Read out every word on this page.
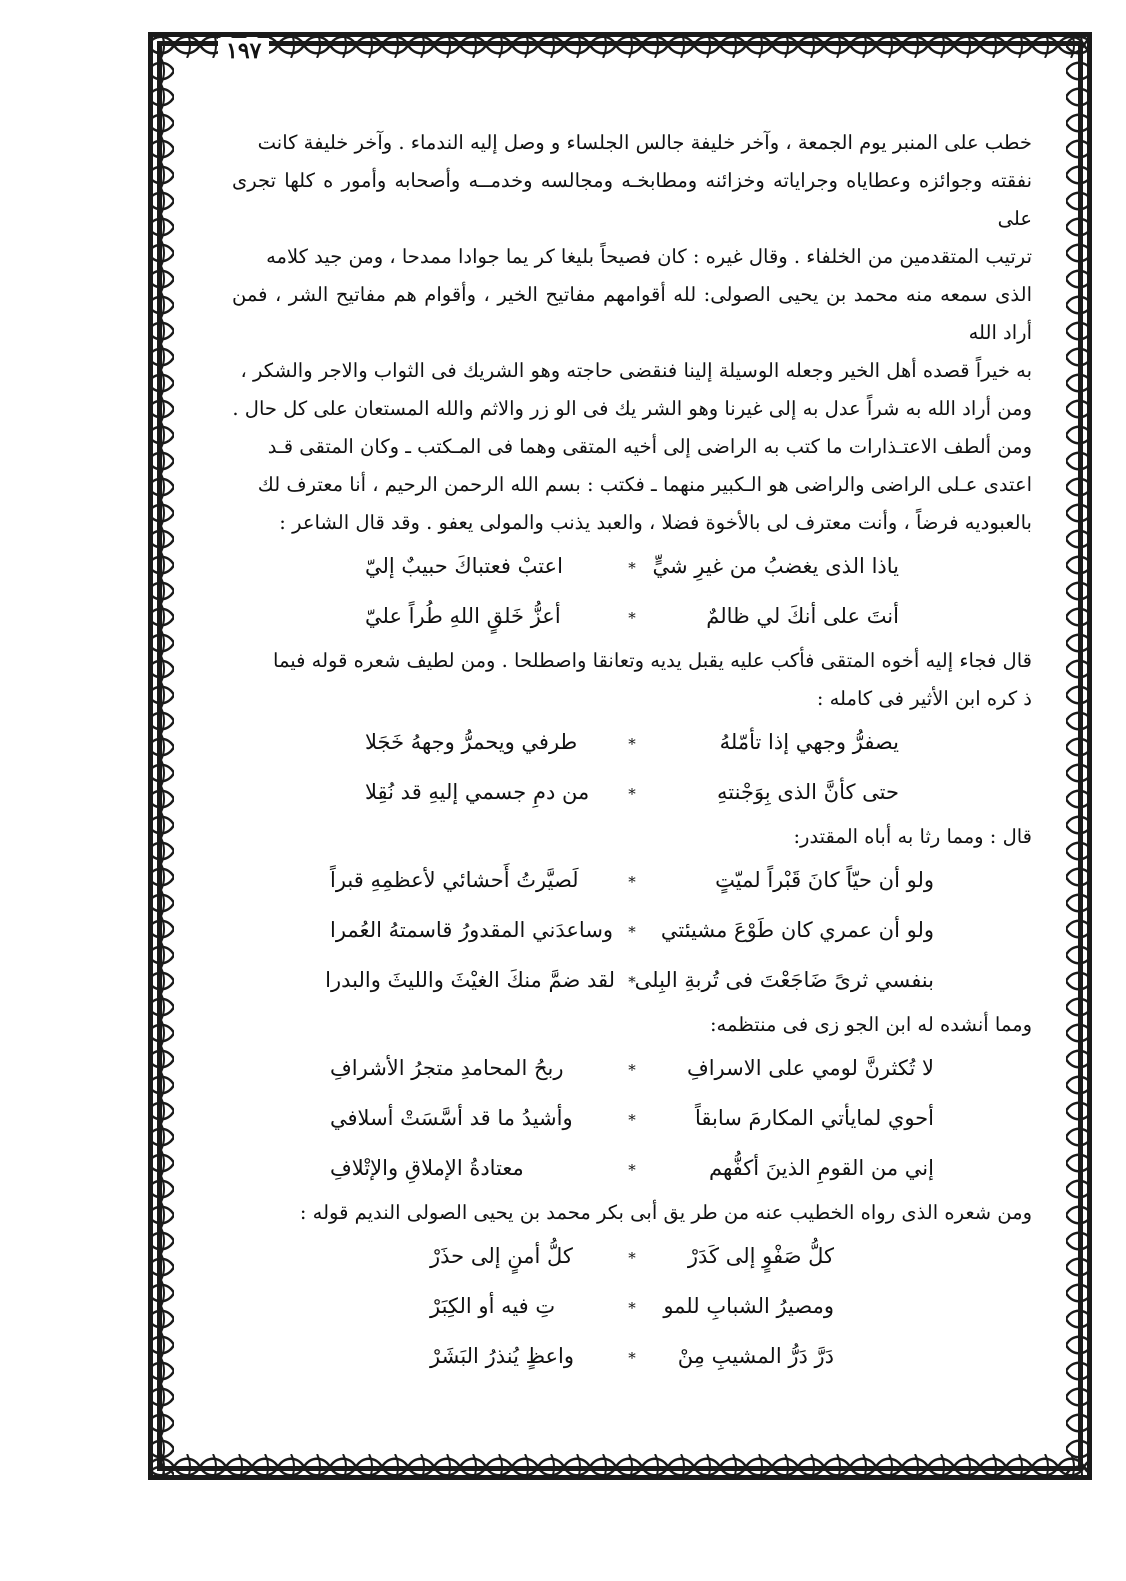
١٩٧

خطب على المنبر يوم الجمعة ، وآخر خليفة جالس الجلساء و وصل إليه الندماء . وآخر خليفة كانت
نفقته وجوائزه وعطاياه وجراياته وخزائنه ومطابخـه ومجالسه وخدمــه وأصحابه وأمور ه كلها تجرى على
ترتيب المتقدمين من الخلفاء . وقال غيره : كان فصيحاً بليغا كر يما جوادا ممدحا ، ومن جيد كلامه
الذى سمعه منه محمد بن يحيى الصولى: لله أقوامهم مفاتيح الخير ، وأقوام هم مفاتيح الشر ، فمن أراد الله
به خيراً قصده أهل الخير وجعله الوسيلة إلينا فنقضى حاجته وهو الشريك فى الثواب والاجر والشكر ،
ومن أراد الله به شراً عدل به إلى غيرنا وهو الشر يك فى الو زر والاثم والله المستعان على كل حال .
ومن ألطف الاعتـذارات ما كتب به الراضى إلى أخيه المتقى وهما فى المـكتب ـ وكان المتقى قـد
اعتدى عـلى الراضى والراضى هو الـكبير منهما ـ فكتب : بسم الله الرحمن الرحيم ، أنا معترف لك
بالعبوديه فرضاً ، وأنت معترف لى بالأخوة فضلا ، والعبد يذنب والمولى يعفو . وقد قال الشاعر :

ياذا الذى يغضبُ من غيرِ شيٍّ
*
اعتبْ فعتباكَ حبيبٌ إليّ
أنتَ على أنكَ لي ظالمٌ
*
أعزُّ خَلقٍ اللهِ طُراً عليّ

قال فجاء إليه أخوه المتقى فأكب عليه يقبل يديه وتعانقا واصطلحا . ومن لطيف شعره قوله فيما
ذ كره ابن الأثير فى كامله :

يصفرُّ وجهي إذا تأمّلهُ
*
طرفي ويحمرُّ وجههُ خَجَلا
حتى كأنَّ الذى بِوَجْنتهِ
*
من دمِ جسمي إليهِ قد نُقِلا

قال : ومما رثا به أباه المقتدر:

ولو أن حيّاً كانَ قَبْراً لميّتٍ
*
لَصيَّرتُ أَحشائي لأعظمِهِ قبراً
ولو أن عمري كان طَوْعَ مشيئتي
*
وساعدَني المقدورُ قاسمتهُ العُمرا
بنفسي ثرىً ضَاجَعْتَ فى تُربةِ البِلى
*
لقد ضمَّ منكَ الغيْثَ والليثَ والبدرا

ومما أنشده له ابن الجو زى فى منتظمه:

لا تُكثرنَّ لومي على الاسرافِ
*
ربحُ المحامدِ متجرُ الأشرافِ
أحوي لمايأتي المكارمَ سابقاً
*
وأشيدُ ما قد أسَّسَتْ أسلافي
إني من القومِ الذينَ أكفُّهم
*
معتادةُ الإملاقِ والإتْلافِ

ومن شعره الذى رواه الخطيب عنه من طر يق أبى بكر محمد بن يحيى الصولى النديم قوله :

كلُّ صَفْوٍ إلى كَدَرْ
*
كلُّ أمنٍ إلى حذَرْ
ومصيرُ الشبابِ للمو
*
تِ فيه أو الكِبَرْ
دَرَّ دَرُّ المشيبِ مِنْ
*
واعظٍ يُنذرُ البَشَرْ
